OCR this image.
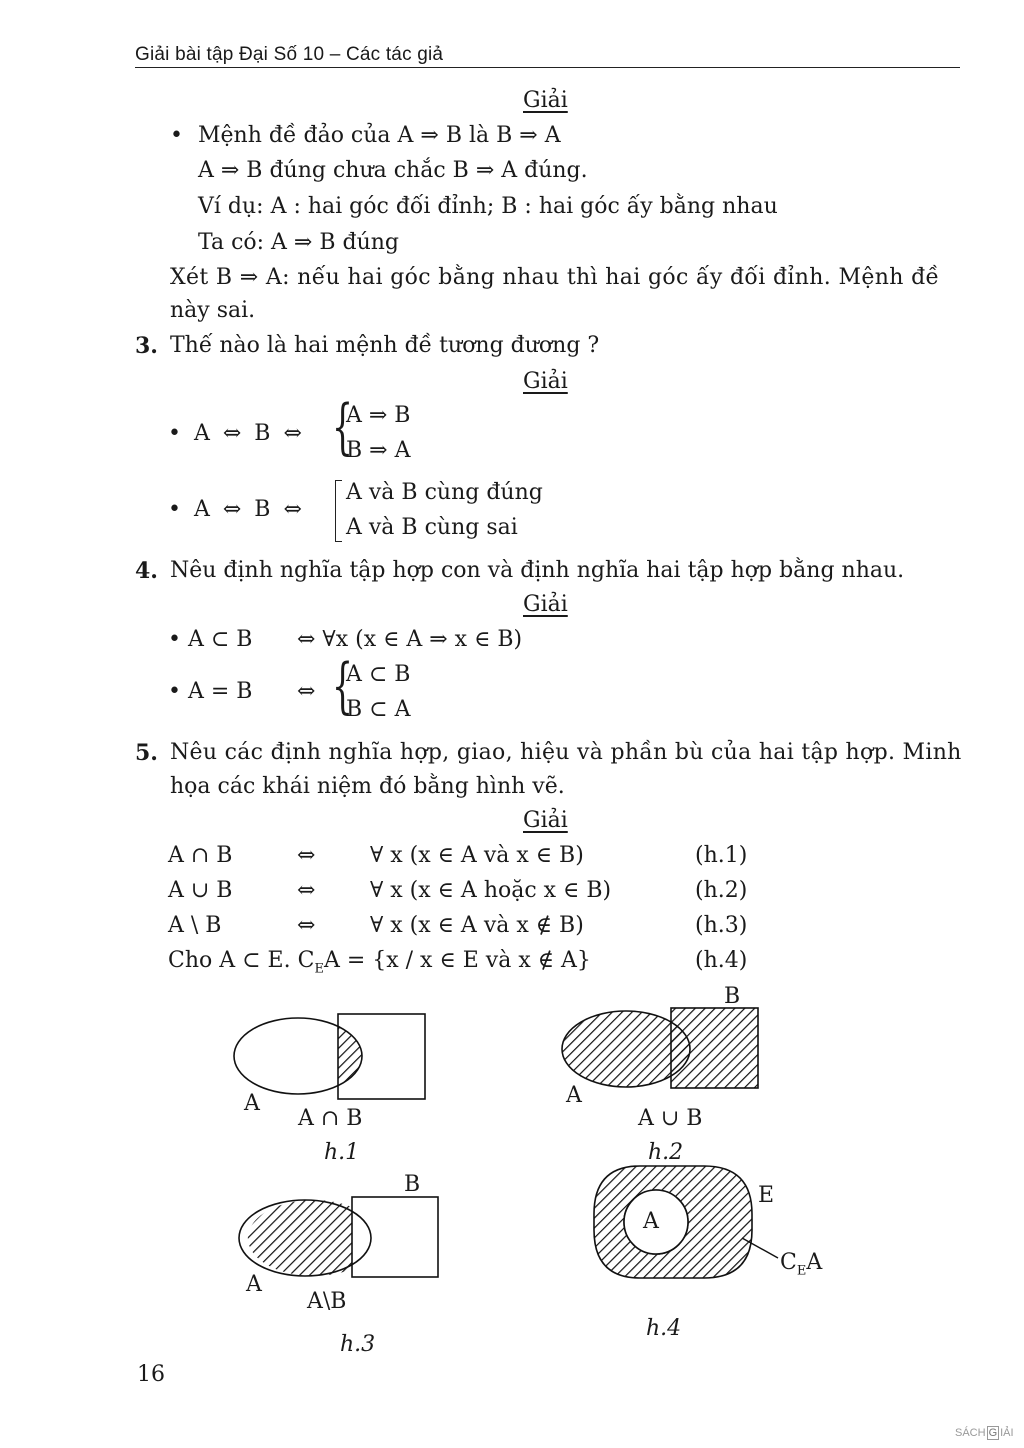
Giải bài tập Đại Số 10 – Các tác giả
Giải
• Mệnh đề đảo của A ⇒ B là B ⇒ A
A ⇒ B đúng chưa chắc B ⇒ A đúng.
Ví dụ: A : hai góc đối đỉnh; B : hai góc ấy bằng nhau
Ta có: A ⇒ B đúng
Xét B ⇒ A: nếu hai góc bằng nhau thì hai góc ấy đối đỉnh. Mệnh đề
này sai.
3. Thế nào là hai mệnh đề tương đương ?
Giải
• A ⇔ B ⇔ {
A ⇒ B
B ⇒ A
• A ⇔ B ⇔
A và B cùng đúng
A và B cùng sai
4. Nêu định nghĩa tập hợp con và định nghĩa hai tập hợp bằng nhau.
Giải
• A ⊂ B ⇔ ∀x (x ∈ A ⇒ x ∈ B)
• A = B ⇔ {
A ⊂ B
B ⊂ A
5. Nêu các định nghĩa hợp, giao, hiệu và phần bù của hai tập hợp. Minh
họa các khái niệm đó bằng hình vẽ.
Giải
A ∩ B	⇔ ∀ x (x ∈ A và x ∈ B)	(h.1)
A ∪ B	⇔ ∀ x (x ∈ A hoặc x ∈ B)	(h.2)
A \ B	⇔ ∀ x (x ∈ A và x ∉ B)	(h.3)
Cho A ⊂ E. $C_EA = \{x / x$ ∈ E và x ∉ A}	(h.4)
A
A ∩ B
h.1
B
A
A ∪ B
h.2
B
A
A\B
h.3
A
E
$C_EA$
h.4
16
SÁCH G IẢI
